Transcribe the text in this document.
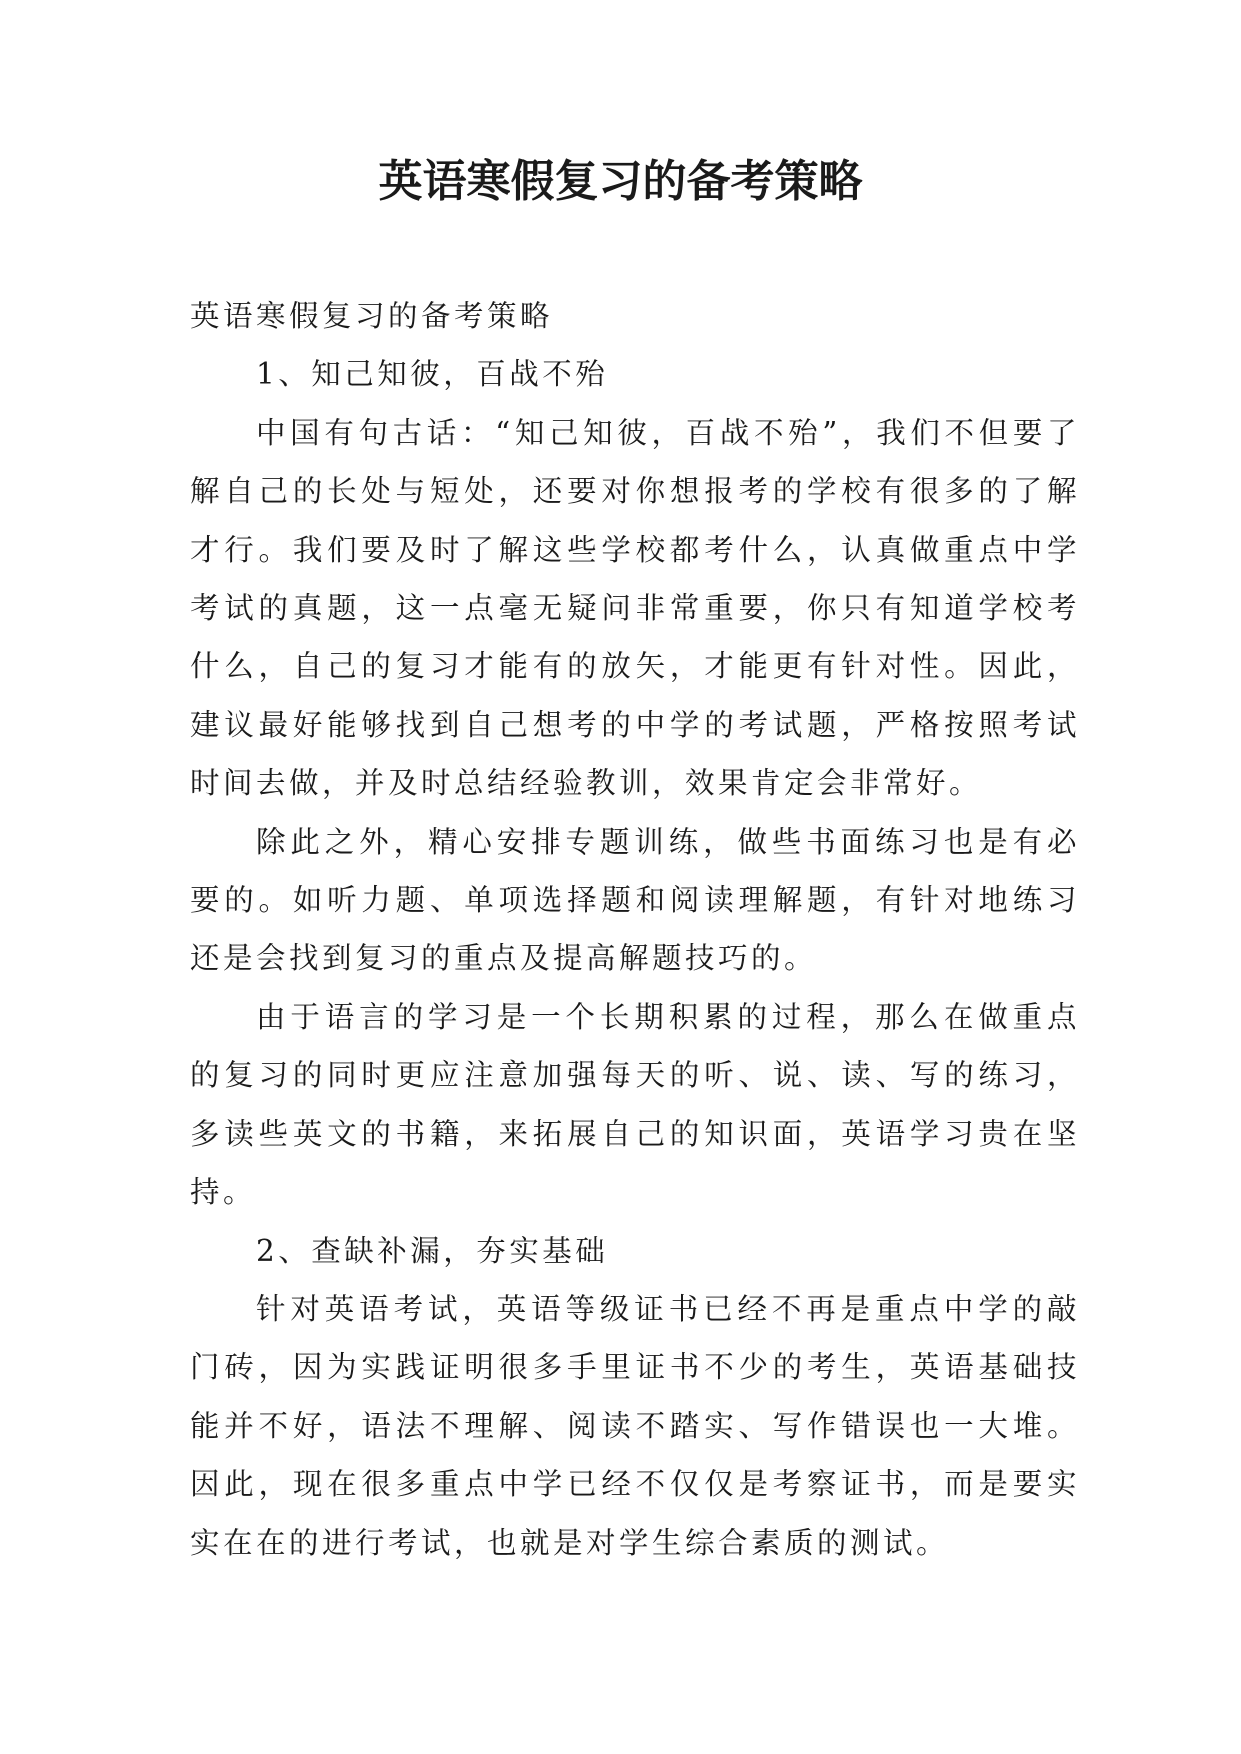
英语寒假复习的备考策略

英语寒假复习的备考策略

1、知己知彼，百战不殆

中国有句古话：“知己知彼，百战不殆”，我们不但要了解自己的长处与短处，还要对你想报考的学校有很多的了解才行。我们要及时了解这些学校都考什么，认真做重点中学考试的真题，这一点毫无疑问非常重要，你只有知道学校考什么，自己的复习才能有的放矢，才能更有针对性。因此，建议最好能够找到自己想考的中学的考试题，严格按照考试时间去做，并及时总结经验教训，效果肯定会非常好。

除此之外，精心安排专题训练，做些书面练习也是有必要的。如听力题、单项选择题和阅读理解题，有针对地练习还是会找到复习的重点及提高解题技巧的。

由于语言的学习是一个长期积累的过程，那么在做重点的复习的同时更应注意加强每天的听、说、读、写的练习，多读些英文的书籍，来拓展自己的知识面，英语学习贵在坚持。

2、查缺补漏，夯实基础

针对英语考试，英语等级证书已经不再是重点中学的敲门砖，因为实践证明很多手里证书不少的考生，英语基础技能并不好，语法不理解、阅读不踏实、写作错误也一大堆。因此，现在很多重点中学已经不仅仅是考察证书，而是要实实在在的进行考试，也就是对学生综合素质的测试。
